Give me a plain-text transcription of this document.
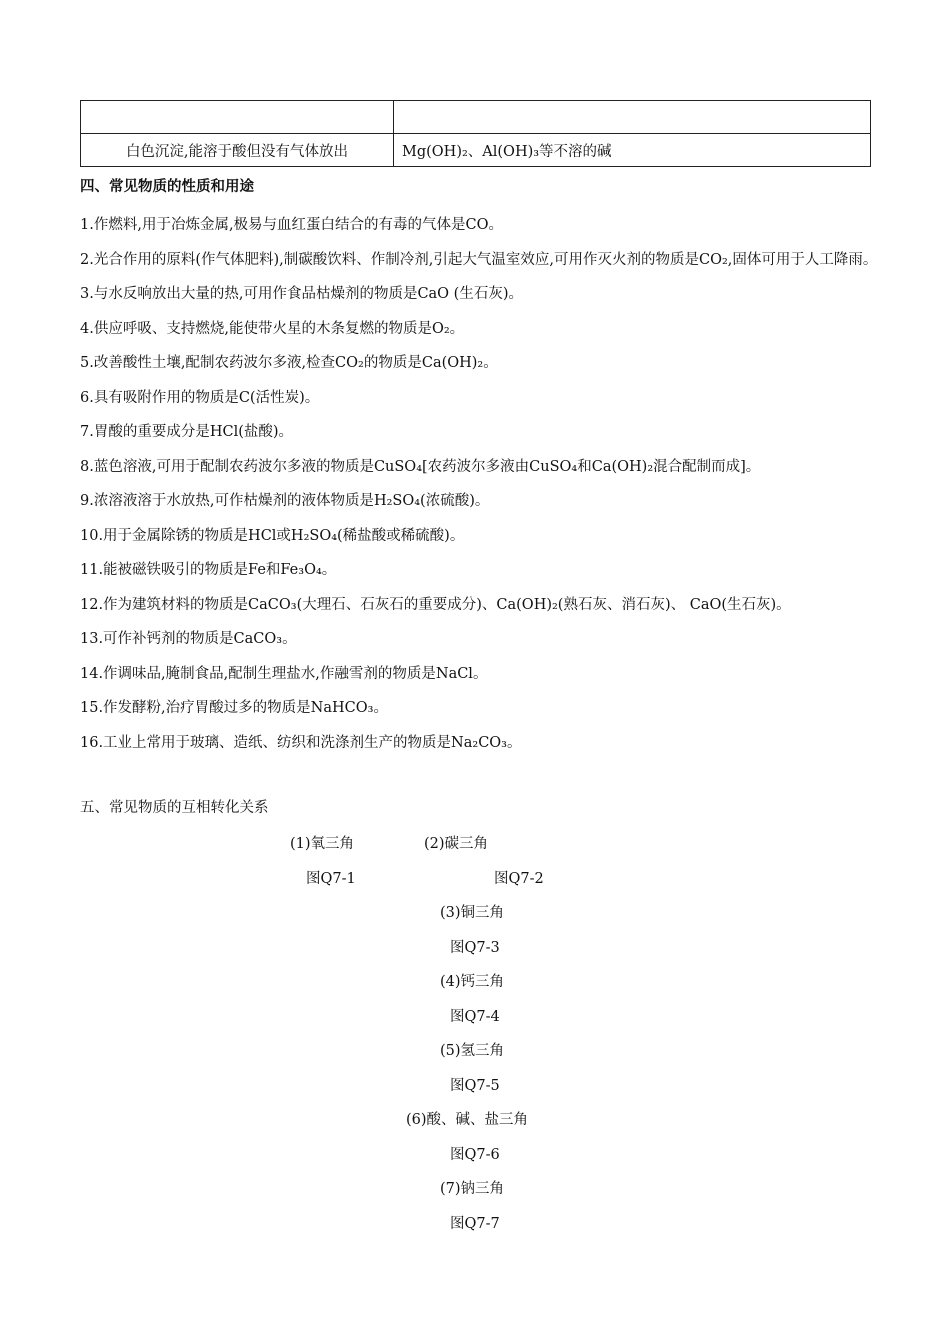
白色沉淀,能溶于酸但没有气体放出	Mg(OH)₂、Al(OH)₃等不溶的碱
四、常见物质的性质和用途
1.作燃料,用于冶炼金属,极易与血红蛋白结合的有毒的气体是CO。
2.光合作用的原料(作气体肥料),制碳酸饮料、作制冷剂,引起大气温室效应,可用作灭火剂的物质是CO₂,固体可用于人工降雨。
3.与水反响放出大量的热,可用作食品枯燥剂的物质是CaO (生石灰)。
4.供应呼吸、支持燃烧,能使带火星的木条复燃的物质是O₂。
5.改善酸性土壤,配制农药波尔多液,检查CO₂的物质是Ca(OH)₂。
6.具有吸附作用的物质是C(活性炭)。
7.胃酸的重要成分是HCl(盐酸)。
8.蓝色溶液,可用于配制农药波尔多液的物质是CuSO₄[农药波尔多液由CuSO₄和Ca(OH)₂混合配制而成]。
9.浓溶液溶于水放热,可作枯燥剂的液体物质是H₂SO₄(浓硫酸)。
10.用于金属除锈的物质是HCl或H₂SO₄(稀盐酸或稀硫酸)。
11.能被磁铁吸引的物质是Fe和Fe₃O₄。
12.作为建筑材料的物质是CaCO₃(大理石、石灰石的重要成分)、Ca(OH)₂(熟石灰、消石灰)、 CaO(生石灰)。
13.可作补钙剂的物质是CaCO₃。
14.作调味品,腌制食品,配制生理盐水,作融雪剂的物质是NaCl。
15.作发酵粉,治疗胃酸过多的物质是NaHCO₃。
16.工业上常用于玻璃、造纸、纺织和洗涤剂生产的物质是Na₂CO₃。
五、常见物质的互相转化关系
(1)氧三角	(2)碳三角
图Q7-1	图Q7-2
(3)铜三角
图Q7-3
(4)钙三角
图Q7-4
(5)氢三角
图Q7-5
(6)酸、碱、盐三角
图Q7-6
(7)钠三角
图Q7-7
